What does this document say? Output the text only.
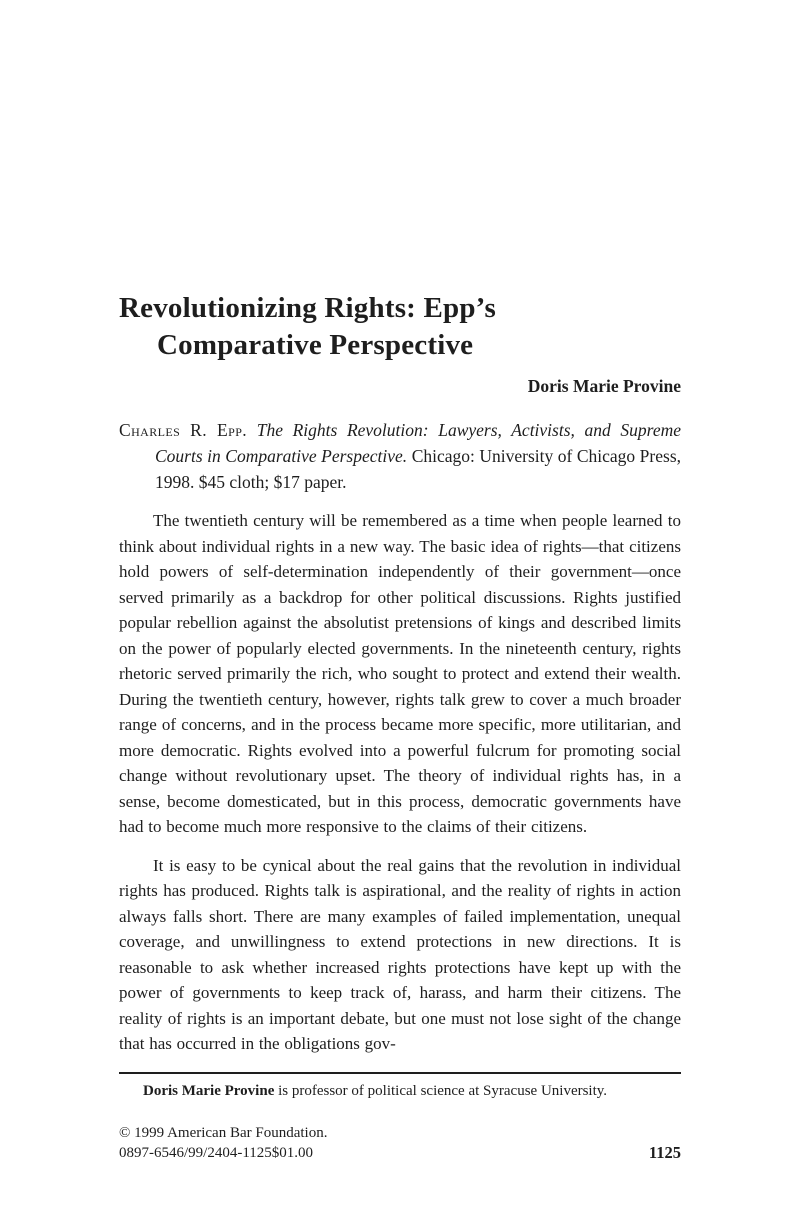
Revolutionizing Rights: Epp’s
Comparative Perspective
Doris Marie Provine

Charles R. Epp. The Rights Revolution: Lawyers, Activists, and Supreme Courts in Comparative Perspective. Chicago: University of Chicago Press, 1998. $45 cloth; $17 paper.

The twentieth century will be remembered as a time when people learned to think about individual rights in a new way. The basic idea of rights—that citizens hold powers of self-determination independently of their government—once served primarily as a backdrop for other political discussions. Rights justified popular rebellion against the absolutist pretensions of kings and described limits on the power of popularly elected governments. In the nineteenth century, rights rhetoric served primarily the rich, who sought to protect and extend their wealth. During the twentieth century, however, rights talk grew to cover a much broader range of concerns, and in the process became more specific, more utilitarian, and more democratic. Rights evolved into a powerful fulcrum for promoting social change without revolutionary upset. The theory of individual rights has, in a sense, become domesticated, but in this process, democratic governments have had to become much more responsive to the claims of their citizens.

It is easy to be cynical about the real gains that the revolution in individual rights has produced. Rights talk is aspirational, and the reality of rights in action always falls short. There are many examples of failed implementation, unequal coverage, and unwillingness to extend protections in new directions. It is reasonable to ask whether increased rights protections have kept up with the power of governments to keep track of, harass, and harm their citizens. The reality of rights is an important debate, but one must not lose sight of the change that has occurred in the obligations gov-

Doris Marie Provine is professor of political science at Syracuse University.

© 1999 American Bar Foundation.
0897-6546/99/2404-1125$01.00	1125
